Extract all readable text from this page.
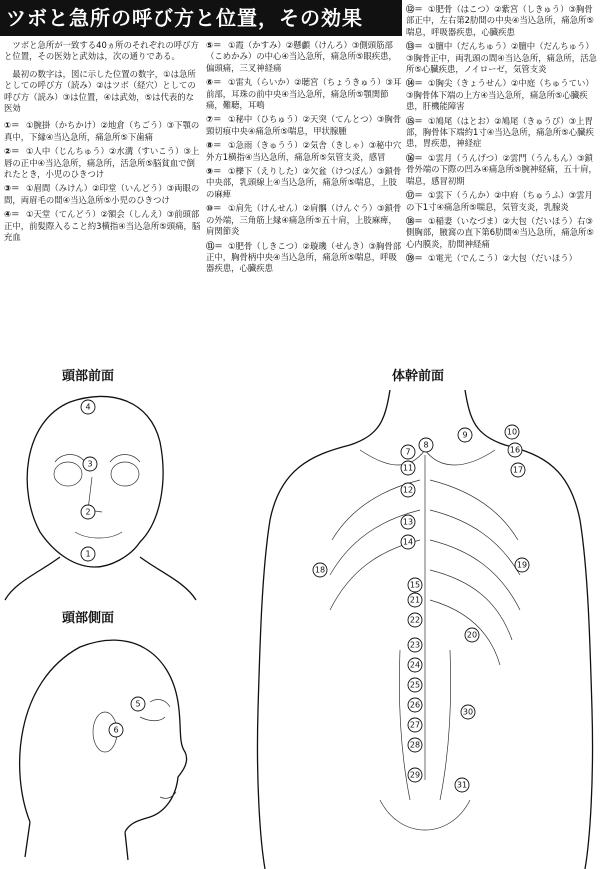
ツボと急所の呼び方と位置，その効果

ツボと急所が一致する40ヵ所のそれぞれの呼び方と位置，その医効と武効は，次の通りである。

最初の数字は，図に示した位置の数字，①は急所としての呼び方（読み）②はツボ（経穴）としての呼び方（読み）③は位置，④は武効，⑤は代表的な医効

①＝ ①腕掛（かちかけ）②地倉（ちごう）③下顎の真中，下縁④当込急所，痛急所⑤下歯痛

②＝ ①人中（じんちゅう）②水溝（すいこう）③上唇の正中④当込急所，痛急所，活急所⑤脳貧血で倒れたとき，小児のひきつけ

③＝ ①眉間（みけん）②印堂（いんどう）③両眼の間，両眉毛の間④当込急所⑤小児のひきつけ

④＝ ①天堂（てんどう）②額会（しんえ）③前頭部正中，前髪際入ること約3横指④当込急所⑤頭痛，脳充血

⑤＝ ①霞（かすみ）②懸顱（けんろ）③側頭筋部（こめかみ）の中心④当込急所，痛急所⑤眼疾患，偏頭痛，三叉神経痛

⑥＝ ①雷丸（らいか）②聴宮（ちょうきゅう）③耳前部，耳珠の前中央④当込急所，痛急所⑤顎関節痛，難聴，耳鳴

⑦＝ ①秘中（ひちゅう）②天突（てんとつ）③胸骨頸切痕中央④痛急所⑤喘息，甲状腺腫

⑧＝ ①急雨（きゅうう）②気舎（きしゃ）③秘中穴外方1横指④当込急所，痛急所⑤気管支炎，感冒

⑨＝ ①櫟下（えりした）②欠盆（けつぼん）③鎖骨中央部，乳頭線上④当込急所，痛急所⑤喘息，上肢の麻痺

⑩＝ ①肩先（けんせん）②肩髃（けんぐう）③鎖骨の外端，三角筋上縁④痛急所⑤五十肩，上肢麻痺，肩関節炎

⑪＝ ①肥骨（しきこつ）②璇璣（せんき）③胸骨部正中，胸骨柄中央④当込急所，痛急所⑤喘息，呼吸器疾患，心臓疾患

⑫＝ ①肥骨（はこつ）②紫宮（しきゅう）③胸骨部正中，左右第2肋間の中央④当込急所，痛急所⑤喘息，呼吸器疾患，心臓疾患

⑬＝ ①膻中（だんちゅう）②膻中（だんちゅう）③胸骨正中，両乳頭の間④当込急所，痛急所，活急所⑤心臓疾患，ノイローゼ，気管支炎

⑭＝ ①胸尖（きょうせん）②中庭（ちゅうてい）③胸骨体下端の上方④当込急所，痛急所⑤心臓疾患，肝機能障害

⑮＝ ①鳩尾（はとお）②鳩尾（きゅうび）③上胃部，胸骨体下端約1寸④当込急所，痛急所⑤心臓疾患，胃疾患，神経症

⑯＝ ①雲月（うんげつ）②雲門（うんもん）③鎖骨外端の下際の凹み④痛急所⑤腕神経痛，五十肩，喘息，感冒初期

⑰＝ ①雲下（うんか）②中府（ちゅうふ）③雲月の下1寸④痛急所⑤喘息，気管支炎，乳腺炎

⑱＝ ①稲妻（いなづま）②大包（だいほう）右③側胸部，腋窩の直下第6肋間④当込急所，痛急所⑤心内膜炎，肋間神経痛

⑲＝ ①電光（でんこう）②大包（だいほう）

頭部前面
頭部側面
体幹前面
1
2
3
4
5
6
7
8
9	10
11
12
13
14
15
16
17
18
19
20
21
22
23
24
25
26
27
28
29
30
31
